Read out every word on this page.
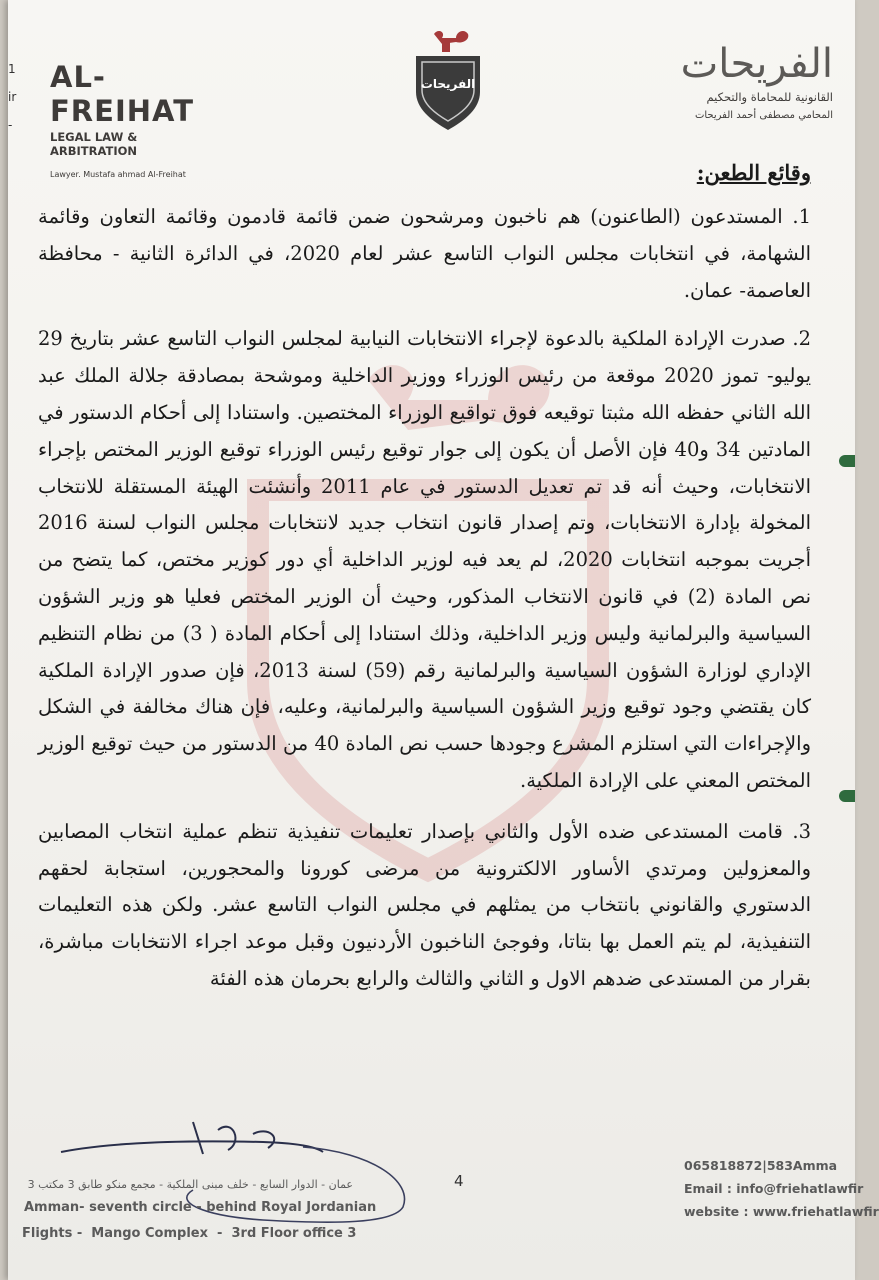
1
ir
-
AL-FREIHAT
LEGAL LAW & ARBITRATION
Lawyer. Mustafa ahmad Al-Freihat
الفريحات	الفريحات
القانونية للمحاماة والتحكيم
المحامي مصطفى أحمد الفريحات
وقائع الطعن:

1. المستدعون (الطاعنون) هم ناخبون ومرشحون ضمن قائمة قادمون وقائمة التعاون وقائمة الشهامة، في انتخابات مجلس النواب التاسع عشر لعام 2020، في الدائرة الثانية - محافظة العاصمة- عمان.

2. صدرت الإرادة الملكية بالدعوة لإجراء الانتخابات النيابية لمجلس النواب التاسع عشر بتاريخ 29 يوليو- تموز 2020 موقعة من رئيس الوزراء ووزير الداخلية وموشحة بمصادقة جلالة الملك عبد الله الثاني حفظه الله مثبتا توقيعه فوق تواقيع الوزراء المختصين. واستنادا إلى أحكام الدستور في المادتين 34 و40 فإن الأصل أن يكون إلى جوار توقيع رئيس الوزراء توقيع الوزير المختص بإجراء الانتخابات، وحيث أنه قد تم تعديل الدستور في عام 2011 وأنشئت الهيئة المستقلة للانتخاب المخولة بإدارة الانتخابات، وتم إصدار قانون انتخاب جديد لانتخابات مجلس النواب لسنة 2016 أجريت بموجبه انتخابات 2020، لم يعد فيه لوزير الداخلية أي دور كوزير مختص، كما يتضح من نص المادة (2) في قانون الانتخاب المذكور، وحيث أن الوزير المختص فعليا هو وزير الشؤون السياسية والبرلمانية وليس وزير الداخلية، وذلك استنادا إلى أحكام المادة ( 3) من نظام التنظيم الإداري لوزارة الشؤون السياسية والبرلمانية رقم (59) لسنة 2013، فإن صدور الإرادة الملكية كان يقتضي وجود توقيع وزير الشؤون السياسية والبرلمانية، وعليه، فإن هناك مخالفة في الشكل والإجراءات التي استلزم المشرع وجودها حسب نص المادة 40 من الدستور من حيث توقيع الوزير المختص المعني على الإرادة الملكية.

3. قامت المستدعى ضده الأول والثاني بإصدار تعليمات تنفيذية تنظم عملية انتخاب المصابين والمعزولين ومرتدي الأساور الالكترونية من مرضى كورونا والمحجورين، استجابة لحقهم الدستوري والقانوني بانتخاب من يمثلهم في مجلس النواب التاسع عشر. ولكن هذه التعليمات التنفيذية، لم يتم العمل بها بتاتا، وفوجئ الناخبون الأردنيون وقبل موعد اجراء الانتخابات مباشرة، بقرار من المستدعى ضدهم الاول و الثاني والثالث والرابع بحرمان هذه الفئة

4
عمان - الدوار السابع - خلف مبنى الملكية - مجمع منكو طابق 3 مكتب 3
Amman- seventh circle - behind Royal Jordanian
Flights -  Mango Complex  -  3rd Floor office 3
065818872|583Amma
Email : info@friehatlawfir
website : www.friehatlawfir
